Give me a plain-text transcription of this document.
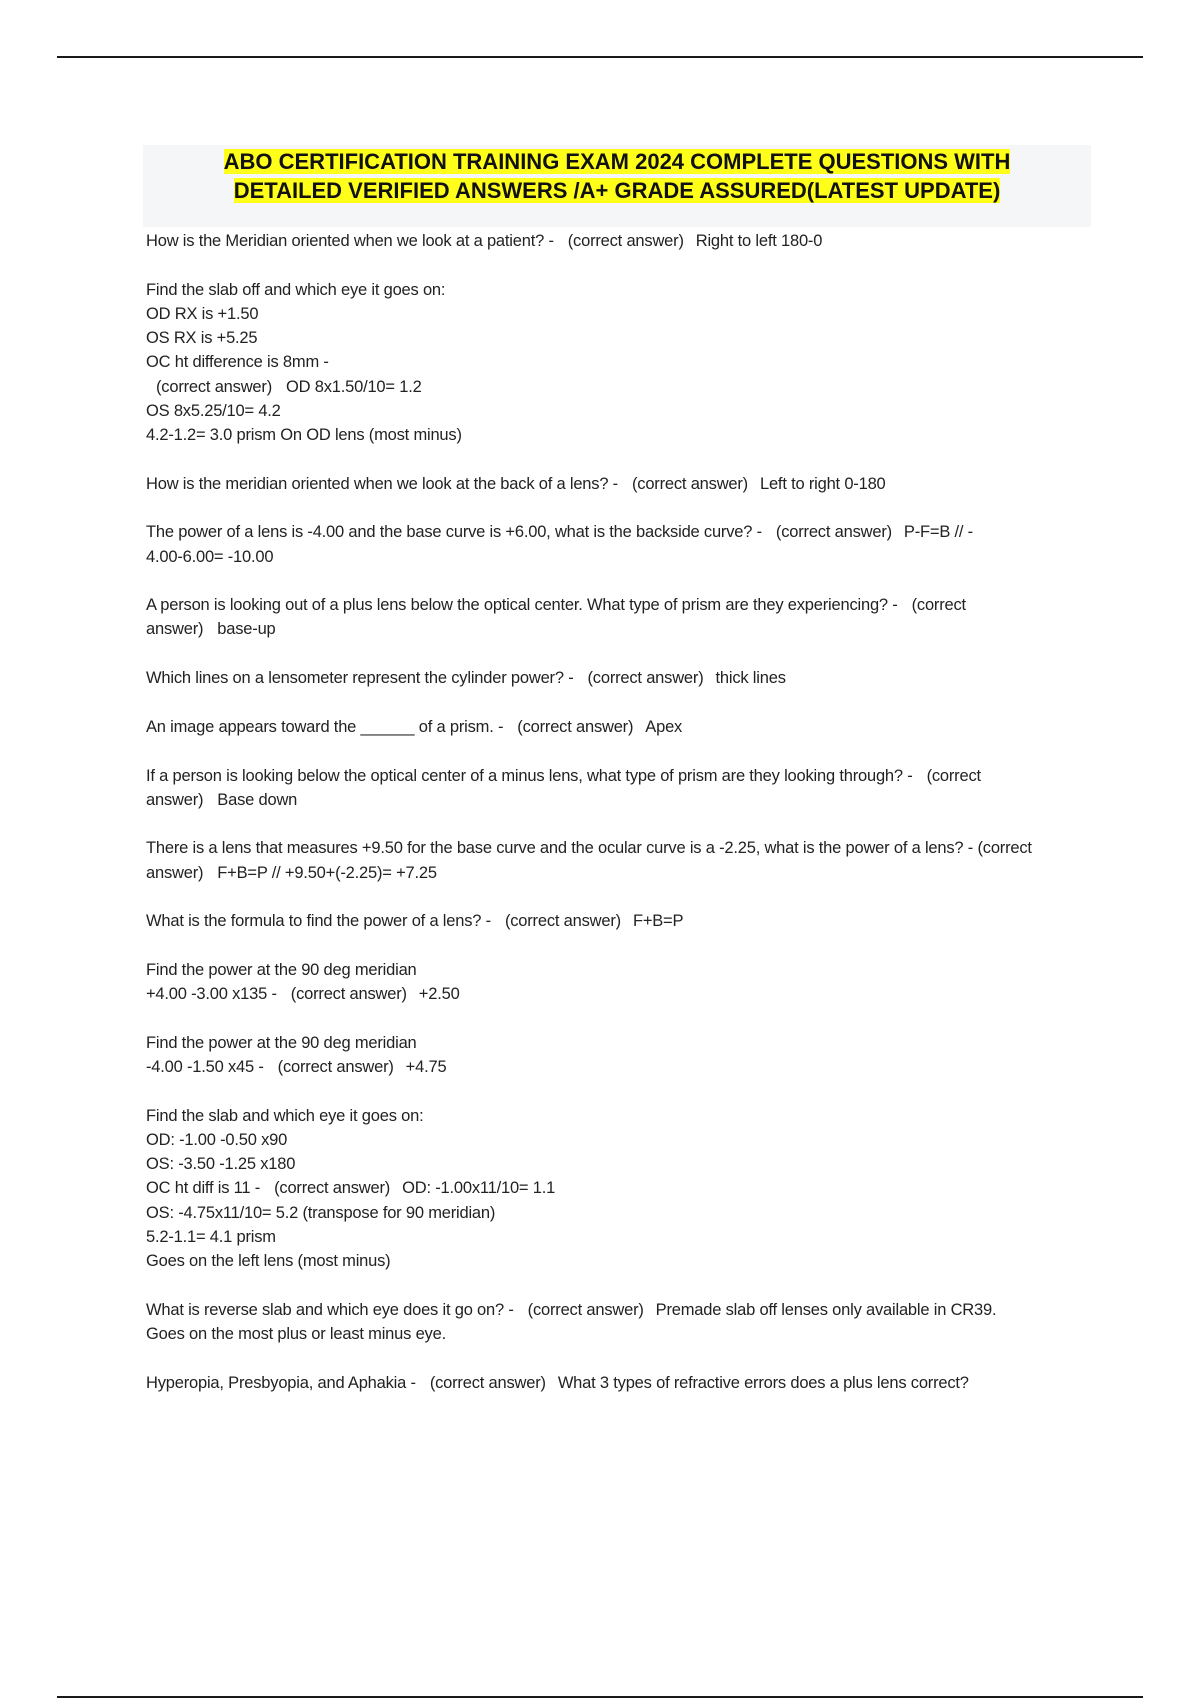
ABO CERTIFICATION TRAINING EXAM 2024 COMPLETE QUESTIONS WITH
DETAILED VERIFIED ANSWERS /A+ GRADE ASSURED(LATEST UPDATE)
How is the Meridian oriented when we look at a patient? - (correct answer) Right to left 180-0
Find the slab off and which eye it goes on:
OD RX is +1.50
OS RX is +5.25
OC ht difference is 8mm -
(correct answer) OD 8x1.50/10= 1.2
OS 8x5.25/10= 4.2
4.2-1.2= 3.0 prism On OD lens (most minus)
How is the meridian oriented when we look at the back of a lens? - (correct answer) Left to right 0-180
The power of a lens is -4.00 and the base curve is +6.00, what is the backside curve? - (correct answer) P-F=B // -
4.00-6.00= -10.00
A person is looking out of a plus lens below the optical center. What type of prism are they experiencing? - (correct
answer) base-up
Which lines on a lensometer represent the cylinder power? - (correct answer) thick lines
An image appears toward the ______ of a prism. - (correct answer) Apex
If a person is looking below the optical center of a minus lens, what type of prism are they looking through? - (correct
answer) Base down
There is a lens that measures +9.50 for the base curve and the ocular curve is a -2.25, what is the power of a lens? - (correct answer) F+B=P // +9.50+(-2.25)= +7.25
What is the formula to find the power of a lens? - (correct answer) F+B=P
Find the power at the 90 deg meridian
+4.00 -3.00 x135 - (correct answer) +2.50
Find the power at the 90 deg meridian
-4.00 -1.50 x45 - (correct answer) +4.75
Find the slab and which eye it goes on:
OD: -1.00 -0.50 x90
OS: -3.50 -1.25 x180
OC ht diff is 11 - (correct answer) OD: -1.00x11/10= 1.1
OS: -4.75x11/10= 5.2 (transpose for 90 meridian)
5.2-1.1= 4.1 prism
Goes on the left lens (most minus)
What is reverse slab and which eye does it go on? - (correct answer) Premade slab off lenses only available in CR39.
Goes on the most plus or least minus eye.
Hyperopia, Presbyopia, and Aphakia - (correct answer) What 3 types of refractive errors does a plus lens correct?
